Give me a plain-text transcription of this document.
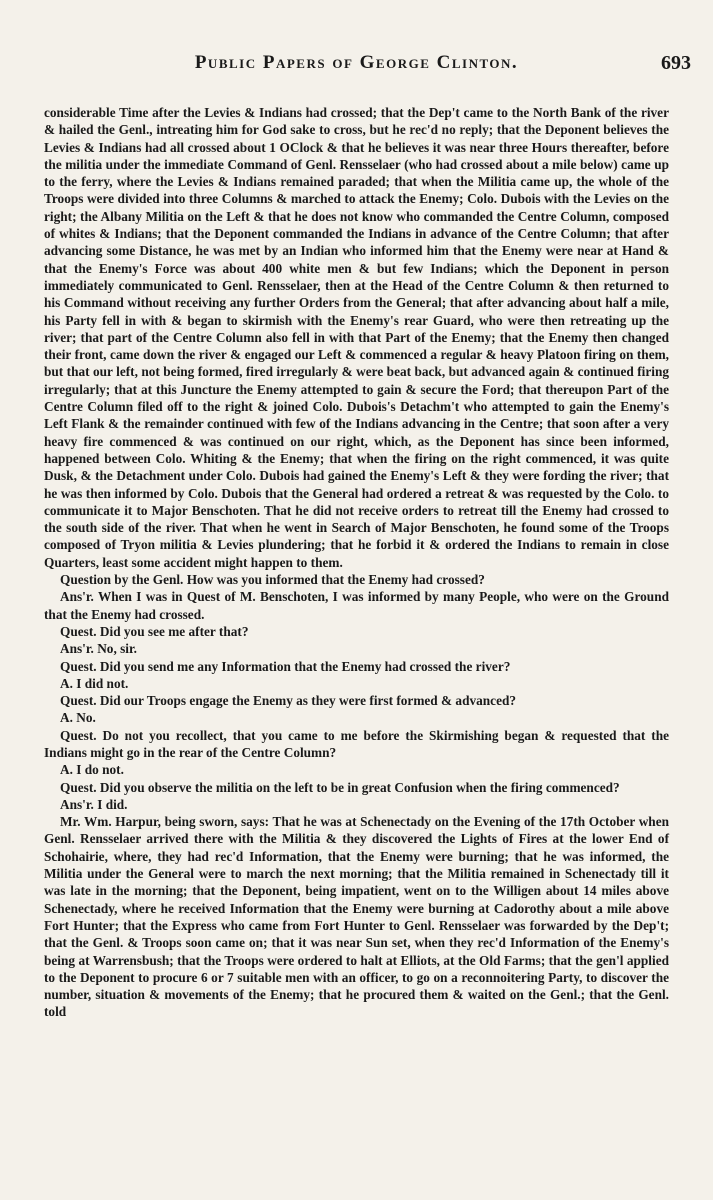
Public Papers of George Clinton.	693

considerable Time after the Levies & Indians had crossed; that the Dep't came to the North Bank of the river & hailed the Genl., intreating him for God sake to cross, but he rec'd no reply; that the Deponent believes the Levies & Indians had all crossed about 1 OClock & that he believes it was near three Hours thereafter, before the militia under the immediate Command of Genl. Rensselaer (who had crossed about a mile below) came up to the ferry, where the Levies & Indians remained paraded; that when the Militia came up, the whole of the Troops were divided into three Columns & marched to attack the Enemy; Colo. Dubois with the Levies on the right; the Albany Militia on the Left & that he does not know who commanded the Centre Column, composed of whites & Indians; that the Deponent commanded the Indians in advance of the Centre Column; that after advancing some Distance, he was met by an Indian who informed him that the Enemy were near at Hand & that the Enemy's Force was about 400 white men & but few Indians; which the Deponent in person immediately communicated to Genl. Rensselaer, then at the Head of the Centre Column & then returned to his Command without receiving any further Orders from the General; that after advancing about half a mile, his Party fell in with & began to skirmish with the Enemy's rear Guard, who were then retreating up the river; that part of the Centre Column also fell in with that Part of the Enemy; that the Enemy then changed their front, came down the river & engaged our Left & commenced a regular & heavy Platoon firing on them, but that our left, not being formed, fired irregularly & were beat back, but advanced again & continued firing irregularly; that at this Juncture the Enemy attempted to gain & secure the Ford; that thereupon Part of the Centre Column filed off to the right & joined Colo. Dubois's Detachm't who attempted to gain the Enemy's Left Flank & the remainder continued with few of the Indians advancing in the Centre; that soon after a very heavy fire commenced & was continued on our right, which, as the Deponent has since been informed, happened between Colo. Whiting & the Enemy; that when the firing on the right commenced, it was quite Dusk, & the Detachment under Colo. Dubois had gained the Enemy's Left & they were fording the river; that he was then informed by Colo. Dubois that the General had ordered a retreat & was requested by the Colo. to communicate it to Major Benschoten. That he did not receive orders to retreat till the Enemy had crossed to the south side of the river. That when he went in Search of Major Benschoten, he found some of the Troops composed of Tryon militia & Levies plundering; that he forbid it & ordered the Indians to remain in close Quarters, least some accident might happen to them.

Question by the Genl. How was you informed that the Enemy had crossed?

Ans'r. When I was in Quest of M. Benschoten, I was informed by many People, who were on the Ground that the Enemy had crossed.

Quest. Did you see me after that?

Ans'r. No, sir.

Quest. Did you send me any Information that the Enemy had crossed the river?

A. I did not.

Quest. Did our Troops engage the Enemy as they were first formed & advanced?

A. No.

Quest. Do not you recollect, that you came to me before the Skirmishing began & requested that the Indians might go in the rear of the Centre Column?

A. I do not.

Quest. Did you observe the militia on the left to be in great Confusion when the firing commenced?

Ans'r. I did.

Mr. Wm. Harpur, being sworn, says: That he was at Schenectady on the Evening of the 17th October when Genl. Rensselaer arrived there with the Militia & they discovered the Lights of Fires at the lower End of Schohairie, where, they had rec'd Information, that the Enemy were burning; that he was informed, the Militia under the General were to march the next morning; that the Militia remained in Schenectady till it was late in the morning; that the Deponent, being impatient, went on to the Willigen about 14 miles above Schenectady, where he received Information that the Enemy were burning at Cadorothy about a mile above Fort Hunter; that the Express who came from Fort Hunter to Genl. Rensselaer was forwarded by the Dep't; that the Genl. & Troops soon came on; that it was near Sun set, when they rec'd Information of the Enemy's being at Warrensbush; that the Troops were ordered to halt at Elliots, at the Old Farms; that the gen'l applied to the Deponent to procure 6 or 7 suitable men with an officer, to go on a reconnoitering Party, to discover the number, situation & movements of the Enemy; that he procured them & waited on the Genl.; that the Genl. told
